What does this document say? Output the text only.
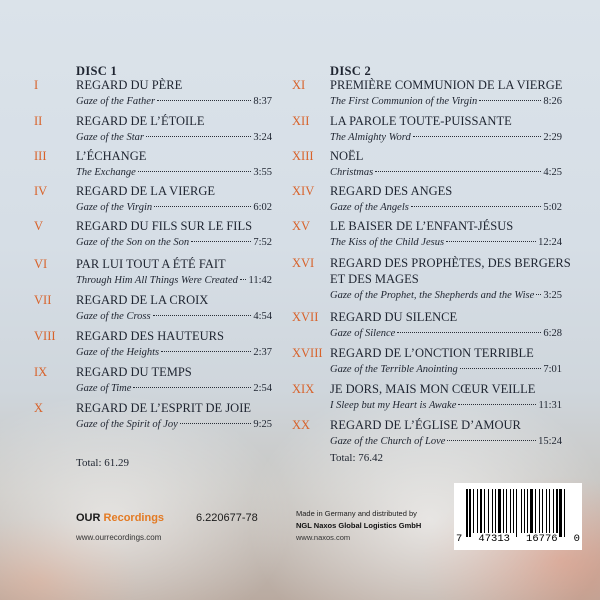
DISC 1
I	REGARD DU PÈRE
Gaze of the Father	8:37
II	REGARD DE L’ÉTOILE
Gaze of the Star	3:24
III L’ÉCHANGE
The Exchange	3:55
IV REGARD DE LA VIERGE
Gaze of the Virgin	6:02
V	REGARD DU FILS SUR LE FILS
Gaze of the Son on the Son	7:52
VI PAR LUI TOUT A ÉTÉ FAIT
Through Him All Things Were Created 11:42
VII REGARD DE LA CROIX
Gaze of the Cross	4:54
VIII REGARD DES HAUTEURS
Gaze of the Heights	2:37
IX REGARD DU TEMPS
Gaze of Time	2:54
X	REGARD DE L’ESPRIT DE JOIE
Gaze of the Spirit of Joy	9:25
Total: 61.29
DISC 2
XI PREMIÈRE COMMUNION DE LA VIERGE
The First Communion of the Virgin	8:26
XII LA PAROLE TOUTE-PUISSANTE
The Almighty Word	2:29
XIII NOËL
Christmas	4:25
XIV REGARD DES ANGES
Gaze of the Angels	5:02
XV LE BAISER DE L’ENFANT-JÉSUS
The Kiss of the Child Jesus	12:24
XVI REGARD DES PROPHÈTES, DES BERGERS
ET DES MAGES
Gaze of the Prophet, the Shepherds and the Wise 3:25
XVII REGARD DU SILENCE
Gaze of Silence	6:28
XVIII REGARD DE L’ONCTION TERRIBLE
Gaze of the Terrible Anointing	7:01
XIX JE DORS, MAIS MON CŒUR VEILLE
I Sleep but my Heart is Awake	11:31
XX REGARD DE L’ÉGLISE D’AMOUR
Gaze of the Church of Love	15:24
Total: 76.42
OUR Recordings	6.220677-78
www.ourrecordings.com
Made in Germany and distributed by
NGL Naxos Global Logistics GmbH
www.naxos.com	7 47313 16776 0
